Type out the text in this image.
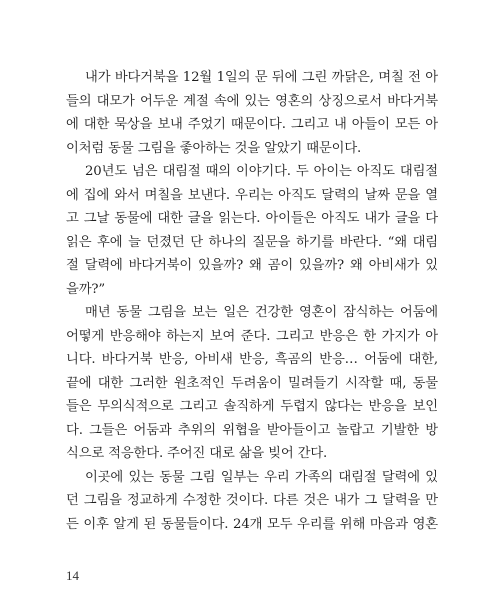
내가 바다거북을 12월 1일의 문 뒤에 그린 까닭은, 며칠 전 아
들의 대모가 어두운 계절 속에 있는 영혼의 상징으로서 바다거북
에 대한 묵상을 보내 주었기 때문이다. 그리고 내 아들이 모든 아
이처럼 동물 그림을 좋아하는 것을 알았기 때문이다.

20년도 넘은 대림절 때의 이야기다. 두 아이는 아직도 대림절
에 집에 와서 며칠을 보낸다. 우리는 아직도 달력의 날짜 문을 열
고 그날 동물에 대한 글을 읽는다. 아이들은 아직도 내가 글을 다
읽은 후에 늘 던졌던 단 하나의 질문을 하기를 바란다. “왜 대림
절 달력에 바다거북이 있을까? 왜 곰이 있을까? 왜 아비새가 있
을까?”

매년 동물 그림을 보는 일은 건강한 영혼이 잠식하는 어둠에
어떻게 반응해야 하는지 보여 준다. 그리고 반응은 한 가지가 아
니다. 바다거북 반응, 아비새 반응, 흑곰의 반응… 어둠에 대한,
끝에 대한 그러한 원초적인 두려움이 밀려들기 시작할 때, 동물
들은 무의식적으로 그리고 솔직하게 두렵지 않다는 반응을 보인
다. 그들은 어둠과 추위의 위협을 받아들이고 놀랍고 기발한 방
식으로 적응한다. 주어진 대로 삶을 빚어 간다.

이곳에 있는 동물 그림 일부는 우리 가족의 대림절 달력에 있
던 그림을 정교하게 수정한 것이다. 다른 것은 내가 그 달력을 만
든 이후 알게 된 동물들이다. 24개 모두 우리를 위해 마음과 영혼

14
